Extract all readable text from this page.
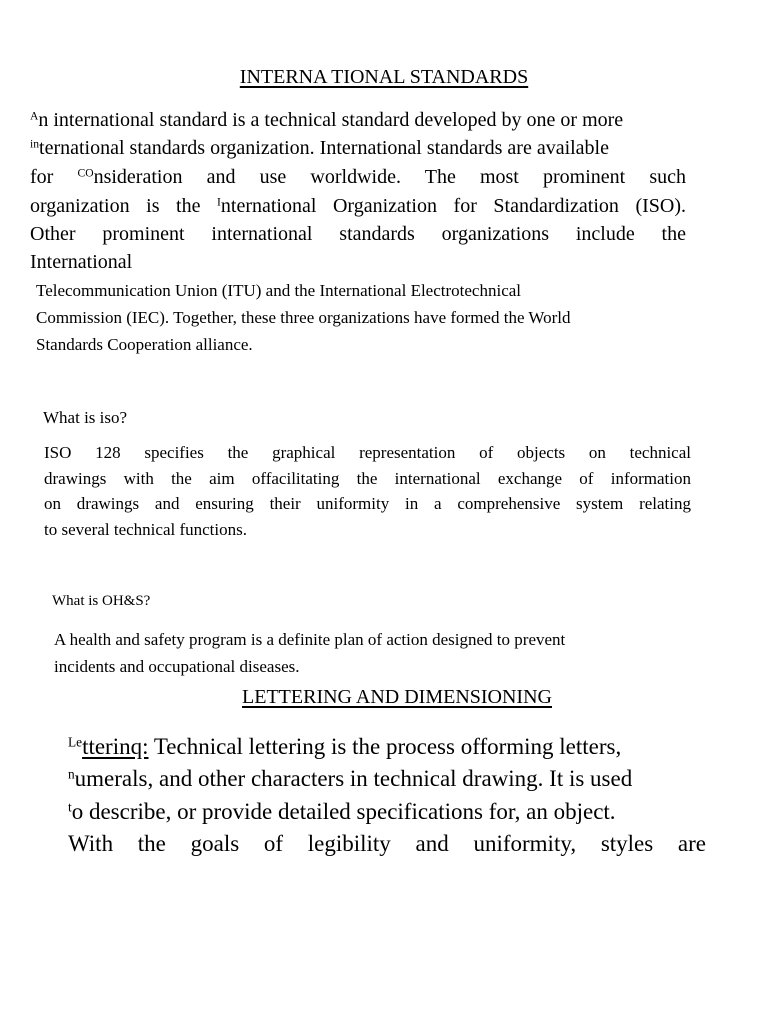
INTERNA TIONAL STANDARDS
$^A$n international standard is a technical standard developed by one or more
$^{in}$ternational standards organization. International standards are available
for $^{CO}$nsideration and use worldwide. The most prominent such
organization is the $^I$nternational Organization for Standardization (ISO).
Other prominent international standards organizations include the
International
Telecommunication Union (ITU) and the International Electrotechnical
Commission (IEC). Together, these three organizations have formed the World
Standards Cooperation alliance.
What is iso?
ISO 128 specifies the graphical representation of objects on technical
drawings with the aim offacilitating the international exchange of information
on drawings and ensuring their uniformity in a comprehensive system relating
to several technical functions.
What is OH&S?
A health and safety program is a definite plan of action designed to prevent
incidents and occupational diseases.
LETTERING AND DIMENSIONING
$^{Le}$tterinq: Technical lettering is the process offorming letters,
$^n$umerals, and other characters in technical drawing. It is used
$^t$o describe, or provide detailed specifications for, an object.
With the goals of legibility and uniformity, styles are
